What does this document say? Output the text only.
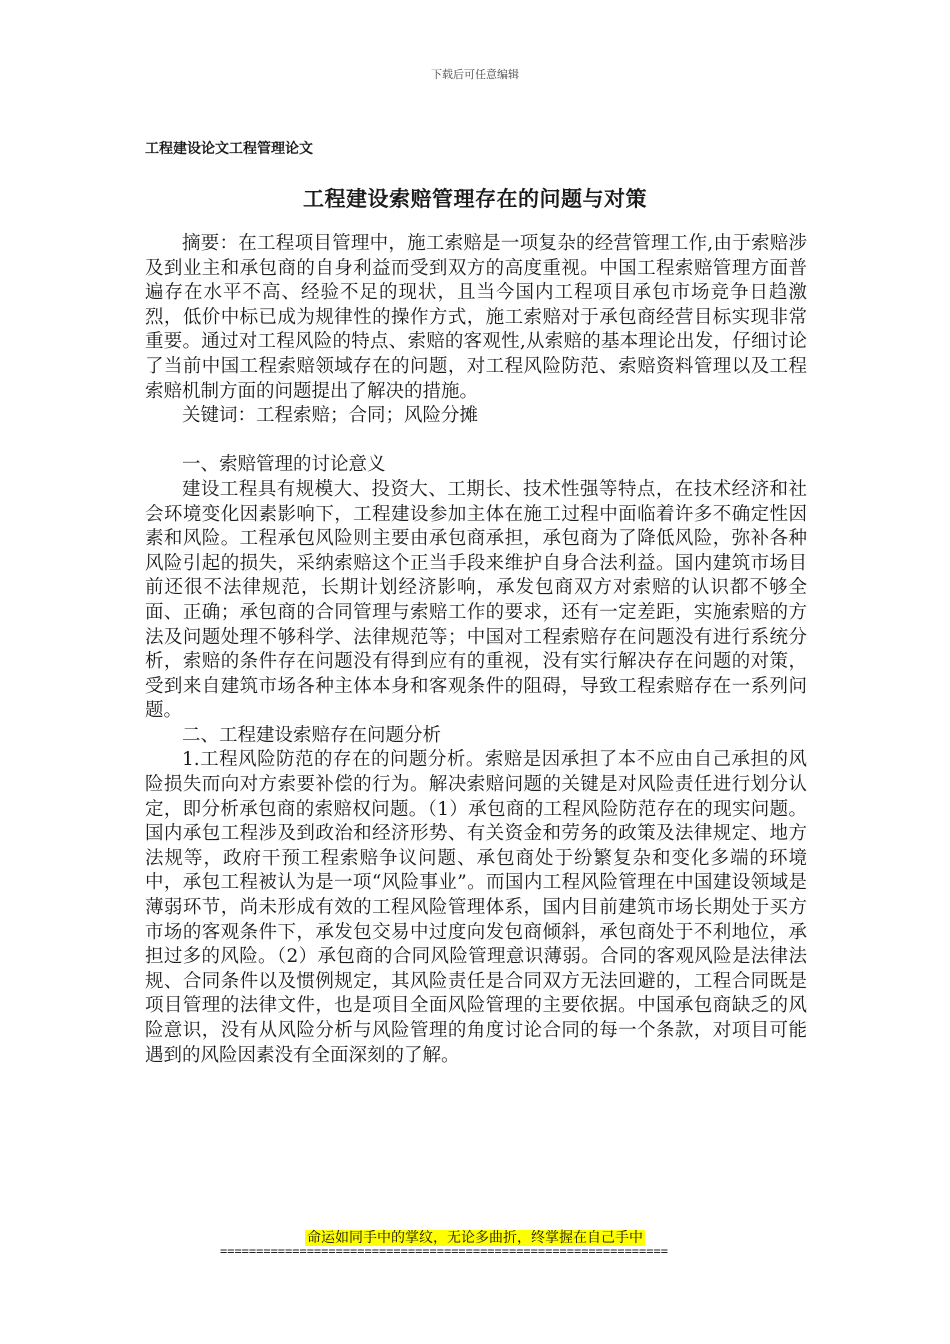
下载后可任意编辑
工程建设论文工程管理论文
工程建设索赔管理存在的问题与对策

摘要：在工程项目管理中，施工索赔是一项复杂的经营管理工作,由于索赔涉及到业主和承包商的自身利益而受到双方的高度重视。中国工程索赔管理方面普遍存在水平不高、经验不足的现状，且当今国内工程项目承包市场竞争日趋激烈，低价中标已成为规律性的操作方式，施工索赔对于承包商经营目标实现非常重要。通过对工程风险的特点、索赔的客观性,从索赔的基本理论出发，仔细讨论了当前中国工程索赔领域存在的问题，对工程风险防范、索赔资料管理以及工程索赔机制方面的问题提出了解决的措施。

关键词：工程索赔；合同；风险分摊

一、索赔管理的讨论意义

建设工程具有规模大、投资大、工期长、技术性强等特点，在技术经济和社会环境变化因素影响下，工程建设参加主体在施工过程中面临着许多不确定性因素和风险。工程承包风险则主要由承包商承担，承包商为了降低风险，弥补各种风险引起的损失，采纳索赔这个正当手段来维护自身合法利益。国内建筑市场目前还很不法律规范，长期计划经济影响，承发包商双方对索赔的认识都不够全面、正确；承包商的合同管理与索赔工作的要求，还有一定差距，实施索赔的方法及问题处理不够科学、法律规范等；中国对工程索赔存在问题没有进行系统分析，索赔的条件存在问题没有得到应有的重视，没有实行解决存在问题的对策，受到来自建筑市场各种主体本身和客观条件的阻碍，导致工程索赔存在一系列问题。

二、工程建设索赔存在问题分析

1.工程风险防范的存在的问题分析。索赔是因承担了本不应由自己承担的风险损失而向对方索要补偿的行为。解决索赔问题的关键是对风险责任进行划分认定，即分析承包商的索赔权问题。（1）承包商的工程风险防范存在的现实问题。国内承包工程涉及到政治和经济形势、有关资金和劳务的政策及法律规定、地方法规等，政府干预工程索赔争议问题、承包商处于纷繁复杂和变化多端的环境中，承包工程被认为是一项“风险事业”。而国内工程风险管理在中国建设领域是薄弱环节，尚未形成有效的工程风险管理体系，国内目前建筑市场长期处于买方市场的客观条件下，承发包交易中过度向发包商倾斜，承包商处于不利地位，承担过多的风险。（2）承包商的合同风险管理意识薄弱。合同的客观风险是法律法规、合同条件以及惯例规定，其风险责任是合同双方无法回避的，工程合同既是项目管理的法律文件，也是项目全面风险管理的主要依据。中国承包商缺乏的风险意识，没有从风险分析与风险管理的角度讨论合同的每一个条款，对项目可能遇到的风险因素没有全面深刻的了解。

命运如同手中的掌纹，无论多曲折，终掌握在自己手中
==============================================================
